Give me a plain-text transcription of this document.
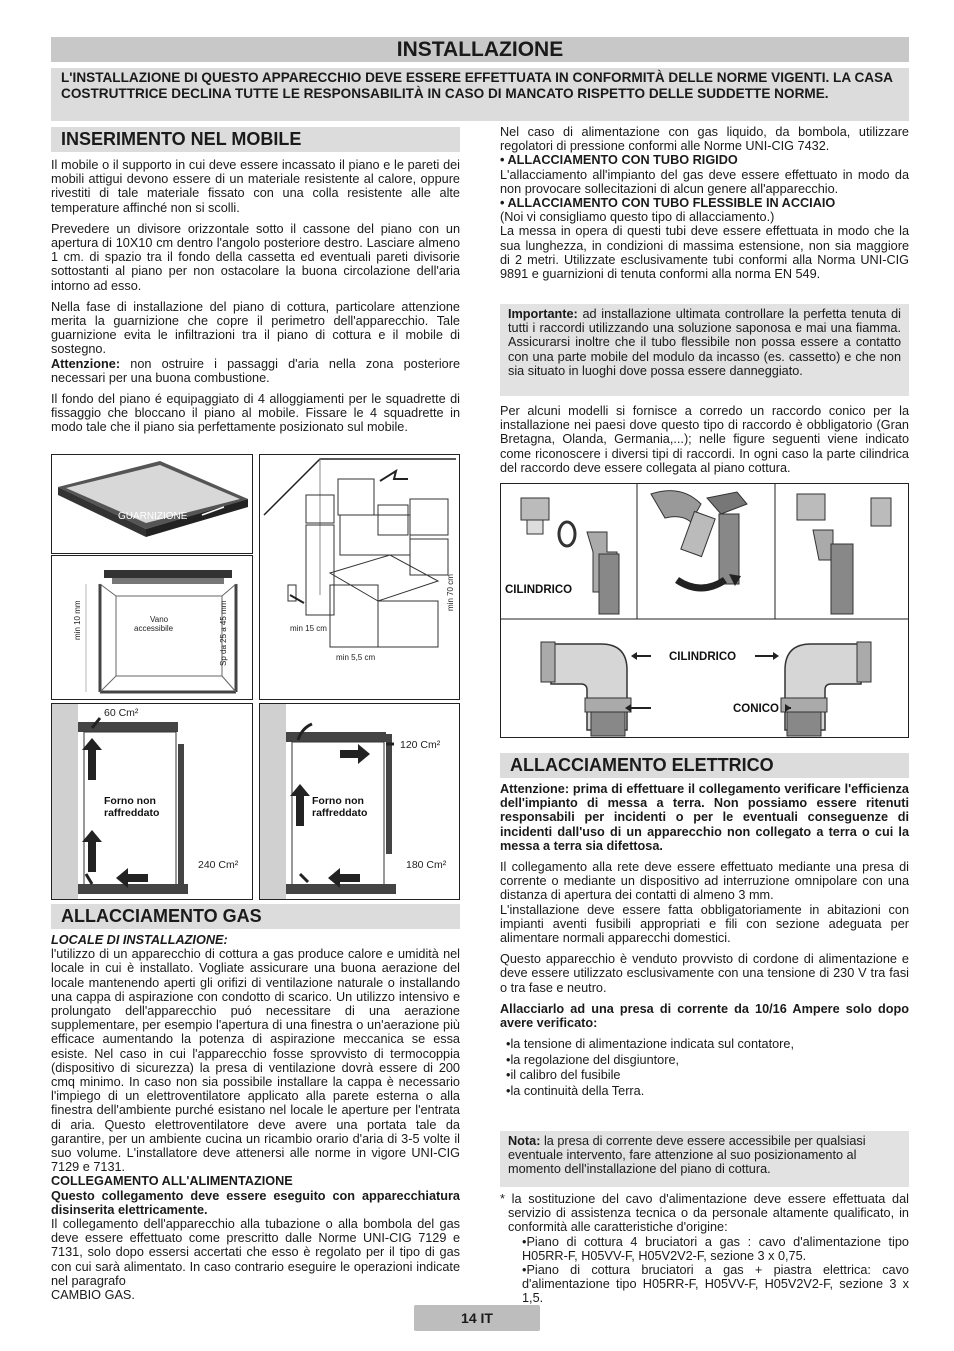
INSTALLAZIONE
L'INSTALLAZIONE DI QUESTO APPARECCHIO DEVE ESSERE EFFETTUATA IN CONFORMITÀ DELLE NORME VIGENTI. LA CASA COSTRUTTRICE DECLINA TUTTE LE RESPONSABILITÀ IN CASO DI MANCATO RISPETTO DELLE SUDDETTE NORME.
INSERIMENTO NEL MOBILE

Il mobile o il supporto in cui deve essere incassato il piano e le pareti dei mobili attigui devono essere di un materiale resistente al calore, oppure rivestiti di tale materiale fissato con una colla resistente alle alte temperature affinché non si scolli.

Prevedere un divisore orizzontale sotto il cassone del piano con un apertura di 10X10 cm dentro l'angolo posteriore destro. Lasciare almeno 1 cm. di spazio tra il fondo della cassetta ed eventuali pareti divisorie sottostanti al piano per non ostacolare la buona circolazione dell'aria intorno ad esso.

Nella fase di installazione del piano di cottura, particolare attenzione merita la guarnizione che copre il perimetro dell'apparecchio. Tale guarnizione evita le infiltrazioni tra il piano di cottura e il mobile di sostegno.

Attenzione: non ostruire i passaggi d'aria nella zona posteriore necessari per una buona combustione.

Il fondo del piano é equipaggiato di 4 alloggiamenti per le squadrette di fissaggio che bloccano il piano al mobile. Fissare le 4 squadrette in modo tale che il piano sia perfettamente posizionato sul mobile.

GUARNIZIONE
Vano
accessibile
min 10 mm	Sp da 25 a 45 mm	min 15 cm
min 5,5 cm
min 70 cm
60 Cm²
240 Cm²
Forno non
raffreddato
120 Cm²
180 Cm²
Forno non
raffreddato
ALLACCIAMENTO GAS

LOCALE DI INSTALLAZIONE:

l'utilizzo di un apparecchio di cottura a gas produce calore e umidità nel locale in cui è installato. Vogliate assicurare una buona aerazione del locale mantenendo aperti gli orifizi di ventilazione naturale o installando una cappa di aspirazione con condotto di scarico. Un utilizzo intensivo e prolungato dell'apparecchio puó necessitare di una aerazione supplementare, per esempio l'apertura di una finestra o un'aerazione più efficace aumentando la potenza di aspirazione meccanica se essa esiste. Nel caso in cui l'apparecchio fosse sprovvisto di termocoppia (dispositivo di sicurezza) la presa di ventilazione dovrà essere di 200 cmq minimo. In caso non sia possibile installare la cappa è necessario l'impiego di un elettroventilatore applicato alla parete esterna o alla finestra dell'ambiente purché esistano nel locale le aperture per l'entrata di aria. Questo elettroventilatore deve avere una portata tale da garantire, per un ambiente cucina un ricambio orario d'aria di 3-5 volte il suo volume. L'installatore deve attenersi alle norme in vigore UNI-CIG 7129 e 7131.

COLLEGAMENTO ALL'ALIMENTAZIONE

Questo collegamento deve essere eseguito con apparecchiatura disinserita elettricamente.

Il collegamento dell'apparecchio alla tubazione o alla bombola del gas deve essere effettuato come prescritto dalle Norme UNI-CIG 7129 e 7131, solo dopo essersi accertati che esso è regolato per il tipo di gas con cui sarà alimentato. In caso contrario eseguire le operazioni indicate nel paragrafo

CAMBIO GAS.

Nel caso di alimentazione con gas liquido, da bombola, utilizzare regolatori di pressione conformi alle Norme UNI-CIG 7432.

• ALLACCIAMENTO CON TUBO RIGIDO

L'allacciamento all'impianto del gas deve essere effettuato in modo da non provocare sollecitazioni di alcun genere all'apparecchio.

• ALLACCIAMENTO CON TUBO FLESSIBLE IN ACCIAIO

(Noi vi consigliamo questo tipo di allacciamento.)

La messa in opera di questi tubi deve essere effettuata in modo che la sua lunghezza, in condizioni di massima estensione, non sia maggiore di 2 metri. Utilizzate esclusivamente tubi conformi alla Norma UNI-CIG 9891 e guarnizioni di tenuta conformi alla norma EN 549.

Importante: ad installazione ultimata controllare la perfetta tenuta di tutti i raccordi utilizzando una soluzione saponosa e mai una fiamma. Assicurarsi inoltre che il tubo flessibile non possa essere a contatto con una parte mobile del modulo da incasso (es. cassetto) e che non sia situato in luoghi dove possa essere danneggiato.

Per alcuni modelli si fornisce a corredo un raccordo conico per la installazione nei paesi dove questo tipo di raccordo è obbligatorio (Gran Bretagna, Olanda, Germania,...); nelle figure seguenti viene indicato come riconoscere i diversi tipi di raccordi. In ogni caso la parte cilindrica del raccordo deve essere collegata al piano cottura.

CILINDRICO
CILINDRICO
CONICO
ALLACCIAMENTO ELETTRICO

Attenzione: prima di effettuare il collegamento verificare l'efficienza dell'impianto di messa a terra. Non possiamo essere ritenuti responsabili per incidenti o per le eventuali conseguenze di incidenti dall'uso di un apparecchio non collegato a terra o cui la messa a terra sia difettosa.

Il collegamento alla rete deve essere effettuato mediante una presa di corrente o mediante un dispositivo ad interruzione omnipolare con una distanza di apertura dei contatti di almeno 3 mm.

L'installazione deve essere fatta obbligatoriamente in abitazioni con impianti aventi fusibili appropriati e fili con sezione adeguata per alimentare normali apparecchi domestici.

Questo apparecchio è venduto provvisto di cordone di alimentazione e deve essere utilizzato esclusivamente con una tensione di 230 V tra fasi o tra fase e neutro.

Allacciarlo ad una presa di corrente da 10/16 Ampere solo dopo avere verificato:

• la tensione di alimentazione indicata sul contatore,
• la regolazione del disgiuntore,
• il calibro del fusibile
• la continuità della Terra.
Nota: la presa di corrente deve essere accessibile per qualsiasi eventuale intervento, fare attenzione al suo posizionamento al momento dell'installazione del piano di cottura.

* la sostituzione del cavo d'alimentazione deve essere effettuata dal servizio di assistenza tecnica o da personale altamente qualificato, in conformità alle caratteristiche d'origine:

• Piano di cottura 4 bruciatori a gas : cavo d'alimentazione tipo H05RR-F, H05VV-F, H05V2V2-F, sezione 3 x 0,75.
• Piano di cottura bruciatori a gas + piastra elettrica: cavo d'alimentazione tipo H05RR-F, H05VV-F, H05V2V2-F, sezione 3 x 1,5.
14 IT
